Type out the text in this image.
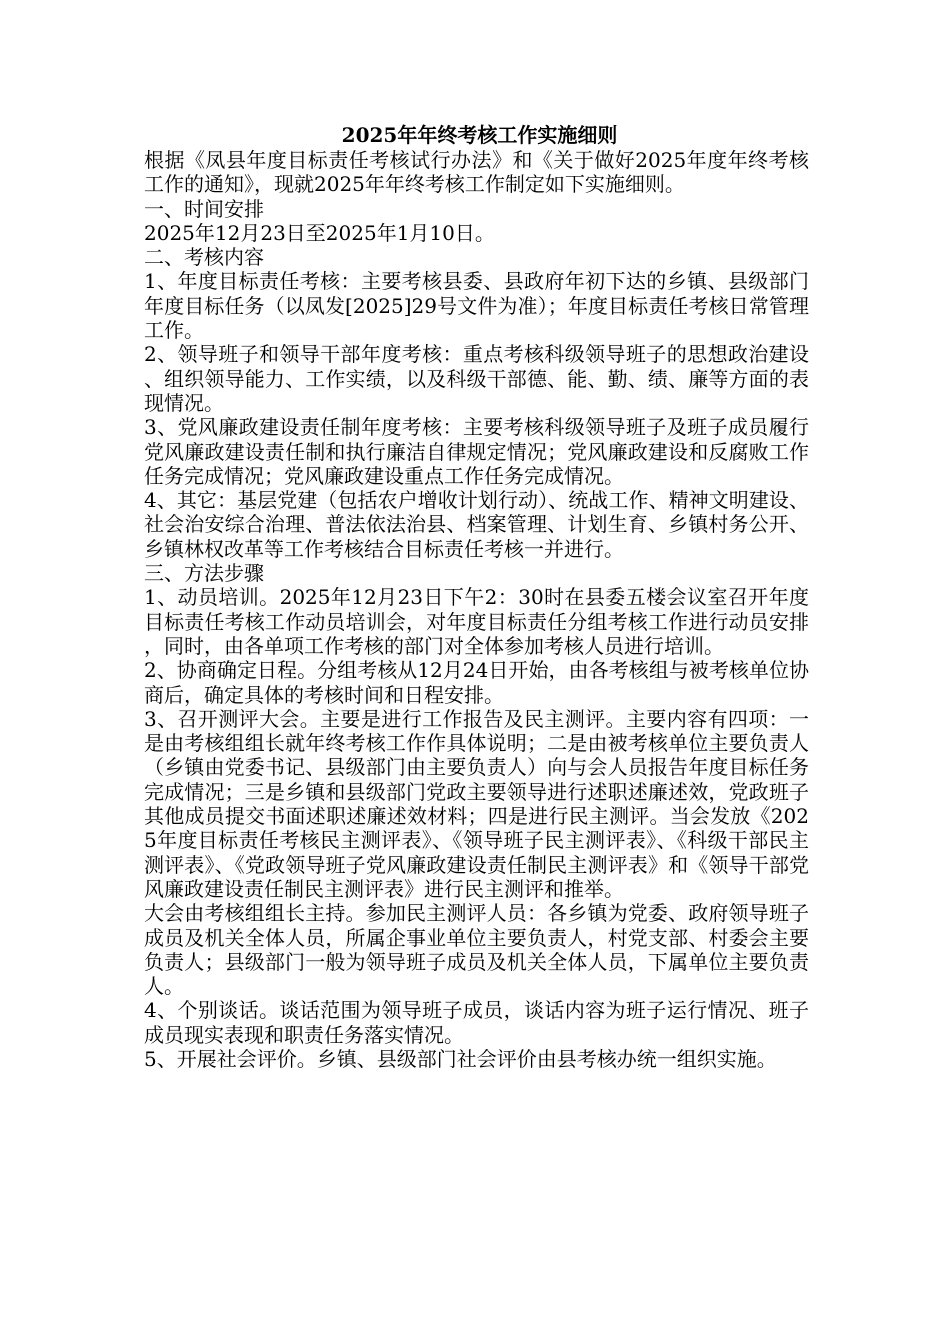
2025年年终考核工作实施细则

根据《凤县年度目标责任考核试行办法》和《关于做好2025年度年终考核工作的通知》，现就2025年年终考核工作制定如下实施细则。

一、时间安排

2025年12月23日至2025年1月10日。

二、考核内容

1、年度目标责任考核：主要考核县委、县政府年初下达的乡镇、县级部门年度目标任务（以凤发[2025]29号文件为准）；年度目标责任考核日常管理工作。

2、领导班子和领导干部年度考核：重点考核科级领导班子的思想政治建设、组织领导能力、工作实绩，以及科级干部德、能、勤、绩、廉等方面的表现情况。

3、党风廉政建设责任制年度考核：主要考核科级领导班子及班子成员履行党风廉政建设责任制和执行廉洁自律规定情况；党风廉政建设和反腐败工作任务完成情况；党风廉政建设重点工作任务完成情况。

4、其它：基层党建（包括农户增收计划行动）、统战工作、精神文明建设、社会治安综合治理、普法依法治县、档案管理、计划生育、乡镇村务公开、乡镇林权改革等工作考核结合目标责任考核一并进行。

三、方法步骤

1、动员培训。2025年12月23日下午2：30时在县委五楼会议室召开年度目标责任考核工作动员培训会，对年度目标责任分组考核工作进行动员安排，同时，由各单项工作考核的部门对全体参加考核人员进行培训。

2、协商确定日程。分组考核从12月24日开始，由各考核组与被考核单位协商后，确定具体的考核时间和日程安排。

3、召开测评大会。主要是进行工作报告及民主测评。主要内容有四项：一是由考核组组长就年终考核工作作具体说明；二是由被考核单位主要负责人（乡镇由党委书记、县级部门由主要负责人）向与会人员报告年度目标任务完成情况；三是乡镇和县级部门党政主要领导进行述职述廉述效，党政班子其他成员提交书面述职述廉述效材料；四是进行民主测评。当会发放《2025年度目标责任考核民主测评表》、《领导班子民主测评表》、《科级干部民主测评表》、《党政领导班子党风廉政建设责任制民主测评表》和《领导干部党风廉政建设责任制民主测评表》进行民主测评和推举。

大会由考核组组长主持。参加民主测评人员：各乡镇为党委、政府领导班子成员及机关全体人员，所属企事业单位主要负责人，村党支部、村委会主要负责人；县级部门一般为领导班子成员及机关全体人员，下属单位主要负责人。

4、个别谈话。谈话范围为领导班子成员，谈话内容为班子运行情况、班子成员现实表现和职责任务落实情况。

5、开展社会评价。乡镇、县级部门社会评价由县考核办统一组织实施。
